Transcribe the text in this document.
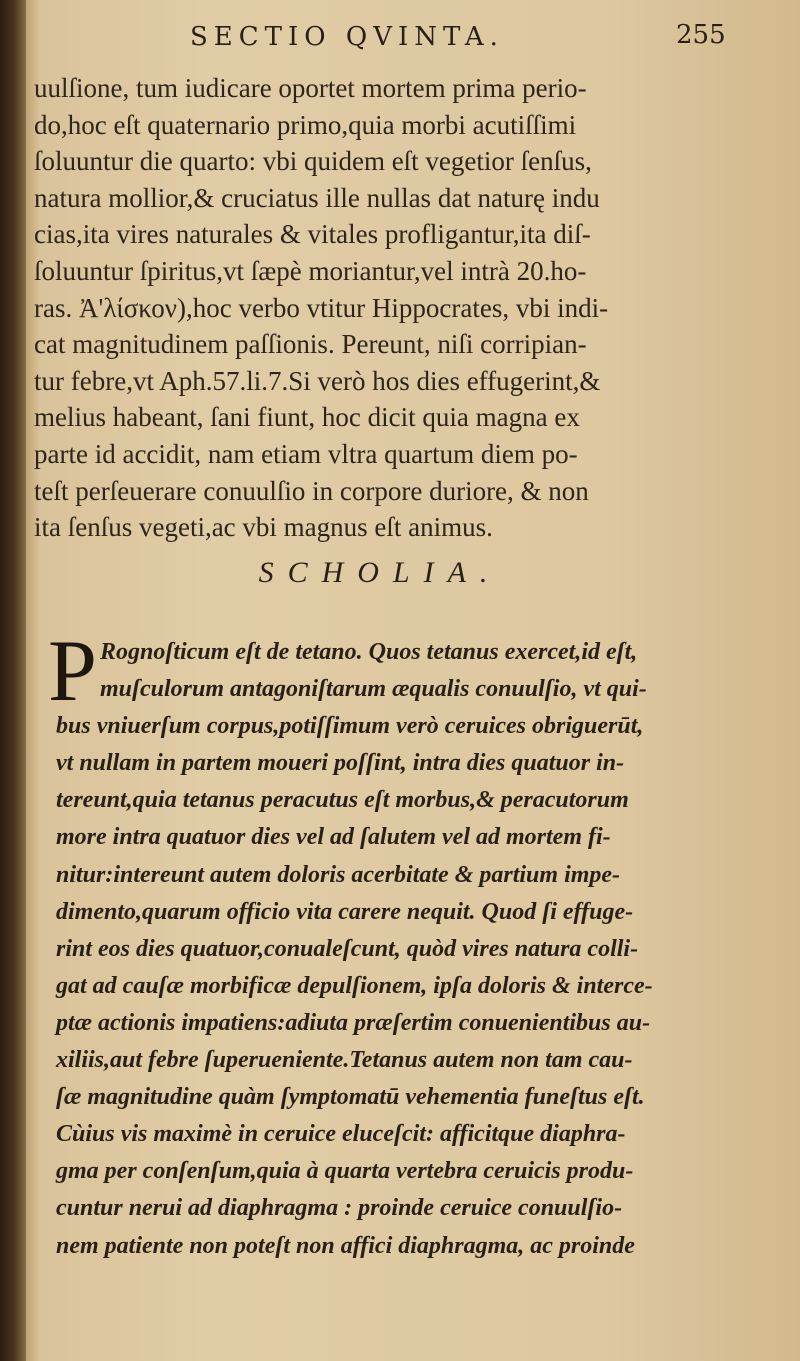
SECTIO QVINTA.	255
uulſione, tum iudicare oportet mortem prima perio-
do,hoc eſt quaternario primo,quia morbi acutiſſimi
ſoluuntur die quarto: vbi quidem eſt vegetior ſenſus,
natura mollior,& cruciatus ille nullas dat naturę indu
cias,ita vires naturales & vitales profligantur,ita diſ-
ſoluuntur ſpiritus,vt ſæpè moriantur,vel intrà 20.ho-
ras. Ἀ'λίσκον),hoc verbo vtitur Hippocrates, vbi indi-
cat magnitudinem paſſionis. Pereunt, niſi corripian-
tur febre,vt Aph.57.li.7.Si verò hos dies effugerint,&
melius habeant, ſani fiunt, hoc dicit quia magna ex
parte id accidit, nam etiam vltra quartum diem po-
teſt perſeuerare conuulſio in corpore duriore, & non
ita ſenſus vegeti,ac vbi magnus eſt animus.
SCHOLIA.
P Rognoſticum eſt de tetano. Quos tetanus exercet,id eſt,
muſculorum antagoniſtarum æqualis conuulſio, vt qui-
bus vniuerſum corpus,potiſſimum verò ceruices obriguerūt,
vt nullam in partem moueri poſſint, intra dies quatuor in-
tereunt,quia tetanus peracutus eſt morbus,& peracutorum
more intra quatuor dies vel ad ſalutem vel ad mortem fi-
nitur:intereunt autem doloris acerbitate & partium impe-
dimento,quarum officio vita carere nequit. Quod ſi effuge-
rint eos dies quatuor,conualeſcunt, quòd vires natura colli-
gat ad cauſæ morbificæ depulſionem, ipſa doloris & interce-
ptæ actionis impatiens:adiuta præſertim conuenientibus au-
xiliis,aut febre ſuperueniente.Tetanus autem non tam cau-
ſæ magnitudine quàm ſymptomatū vehementia funeſtus eſt.
Cùius vis maximè in ceruice eluceſcit: afficitque diaphra-
gma per conſenſum,quia à quarta vertebra ceruicis produ-
cuntur nerui ad diaphragma : proinde ceruice conuulſio-
nem patiente non poteſt non affici diaphragma, ac proinde
